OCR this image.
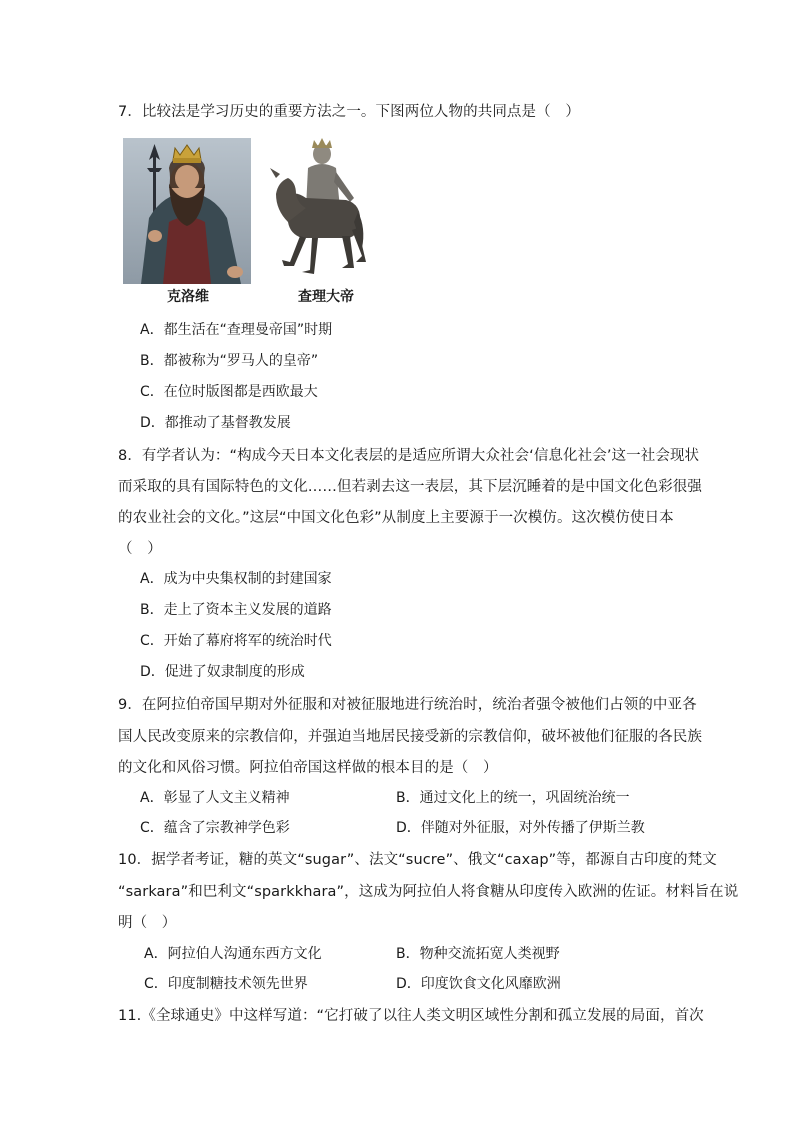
7．比较法是学习历史的重要方法之一。下图两位人物的共同点是（　）
克洛维	查理大帝
A．都生活在“查理曼帝国”时期
B．都被称为“罗马人的皇帝”
C．在位时版图都是西欧最大
D．都推动了基督教发展
8．有学者认为：“构成今天日本文化表层的是适应所谓大众社会‘信息化社会’这一社会现状
而采取的具有国际特色的文化……但若剥去这一表层，其下层沉睡着的是中国文化色彩很强
的农业社会的文化。”这层“中国文化色彩”从制度上主要源于一次模仿。这次模仿使日本
（　）
A．成为中央集权制的封建国家
B．走上了资本主义发展的道路
C．开始了幕府将军的统治时代
D．促进了奴隶制度的形成
9．在阿拉伯帝国早期对外征服和对被征服地进行统治时，统治者强令被他们占领的中亚各
国人民改变原来的宗教信仰，并强迫当地居民接受新的宗教信仰，破坏被他们征服的各民族
的文化和风俗习惯。阿拉伯帝国这样做的根本目的是（　）
A．彰显了人文主义精神	B．通过文化上的统一，巩固统治统一
C．蕴含了宗教神学色彩	D．伴随对外征服，对外传播了伊斯兰教
10．据学者考证，糖的英文“sugar”、法文“sucre”、俄文“caxap”等，都源自古印度的梵文
“sarkara”和巴利文“sparkkhara”，这成为阿拉伯人将食糖从印度传入欧洲的佐证。材料旨在说
明（　）
A．阿拉伯人沟通东西方文化	B．物种交流拓宽人类视野
C．印度制糖技术领先世界	D．印度饮食文化风靡欧洲
11.《全球通史》中这样写道：“它打破了以往人类文明区域性分割和孤立发展的局面，首次
